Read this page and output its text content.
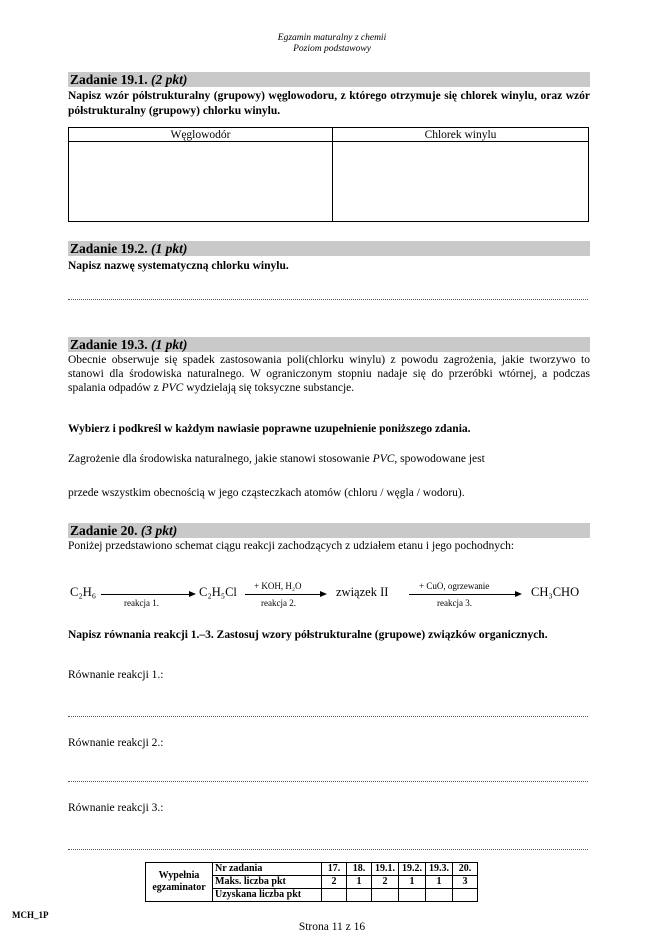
Egzamin maturalny z chemii
Poziom podstawowy
Zadanie 19.1. (2 pkt)
Napisz wzór półstrukturalny (grupowy) węglowodoru, z którego otrzymuje się chlorek winylu, oraz wzór półstrukturalny (grupowy) chlorku winylu.
Węglowodór	Chlorek winylu

Zadanie 19.2. (1 pkt)
Napisz nazwę systematyczną chlorku winylu.
Zadanie 19.3. (1 pkt)
Obecnie obserwuje się spadek zastosowania poli(chlorku winylu) z powodu zagrożenia, jakie tworzywo to stanowi dla środowiska naturalnego. W ograniczonym stopniu nadaje się do przeróbki wtórnej, a podczas spalania odpadów z PVC wydzielają się toksyczne substancje.
Wybierz i podkreśl w każdym nawiasie poprawne uzupełnienie poniższego zdania.
Zagrożenie dla środowiska naturalnego, jakie stanowi stosowanie PVC, spowodowane jest
przede wszystkim obecnością w jego cząsteczkach atomów (chloru / węgla / wodoru).
Zadanie 20. (3 pkt)
Poniżej przedstawiono schemat ciągu reakcji zachodzących z udziałem etanu i jego pochodnych:
C₂H₆
reakcja 1.
C₂H₅Cl + KOH, H₂O
reakcja 2.
związek II	+ CuO, ogrzewanie
reakcja 3.
CH₃CHO
Napisz równania reakcji 1.–3. Zastosuj wzory półstrukturalne (grupowe) związków organicznych.
Równanie reakcji 1.:
Równanie reakcji 2.:
Równanie reakcji 3.:
Wypełnia
egzaminator	Nr zadania	17.	18.	19.1.	19.2.	19.3.	20.
	Maks. liczba pkt	2	1	2	1	1	3
	Uzyskana liczba pkt						
MCH_1P
Strona 11 z 16
